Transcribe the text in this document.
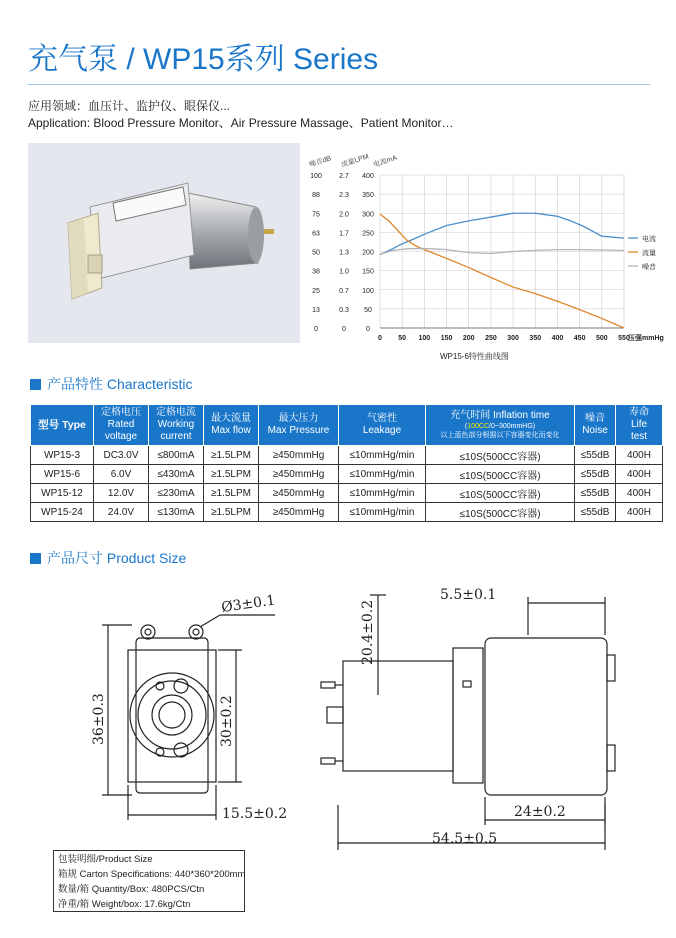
充气泵 / WP15系列 Series
应用领域：血压计、监护仪、眼保仪...
Application: Blood Pressure Monitor、Air Pressure Massage、Patient Monitor…
0	0	0
13	0.3 50
25	0.7 100
38	1.0 150
50	1.3 200
63	1.7 250
75	2.0 300
88	2.3 350
100 2.7 400
0 50 100 150 200 250 300 350 400 450 500 550
压强mmHg
噪音dB 流量LPM 电流mA
电流
流量
噪音
产品特性 Characteristic
型号 Type	定格电压
Rated
voltage	定格电流
Working
current	最大流量
Max flow	最大压力
Max Pressure	气密性
Leakage	充气时间 Inflation time
(100CC/0~300mmHG)
以上蓝色部分根据以下容器变化而变化	噪音
Noise	寿命
Life
test
WP15-3	DC3.0V	≤800mA	≥1.5LPM	≥450mmHg	≤10mmHg/min	≤10S(500CC容器)	≤55dB	400H
WP15-6	6.0V	≤430mA	≥1.5LPM	≥450mmHg	≤10mmHg/min	≤10S(500CC容器)	≤55dB	400H
WP15-12	12.0V	≤230mA	≥1.5LPM	≥450mmHg	≤10mmHg/min	≤10S(500CC容器)	≤55dB	400H
WP15-24	24.0V	≤130mA	≥1.5LPM	≥450mmHg	≤10mmHg/min	≤10S(500CC容器)	≤55dB	400H
产品尺寸 Product Size
Ø3±0.1
36±0.3	30±0.2
15.5±0.2
20.4±0.2
5.5±0.1
24±0.2
54.5±0.5
包装明细/Product Size
箱规 Carton Specifications: 440*360*200mm
数量/箱 Quantity/Box: 480PCS/Ctn
净重/箱 Weight/box: 17.6kg/Ctn
WP15-6特性曲线图
